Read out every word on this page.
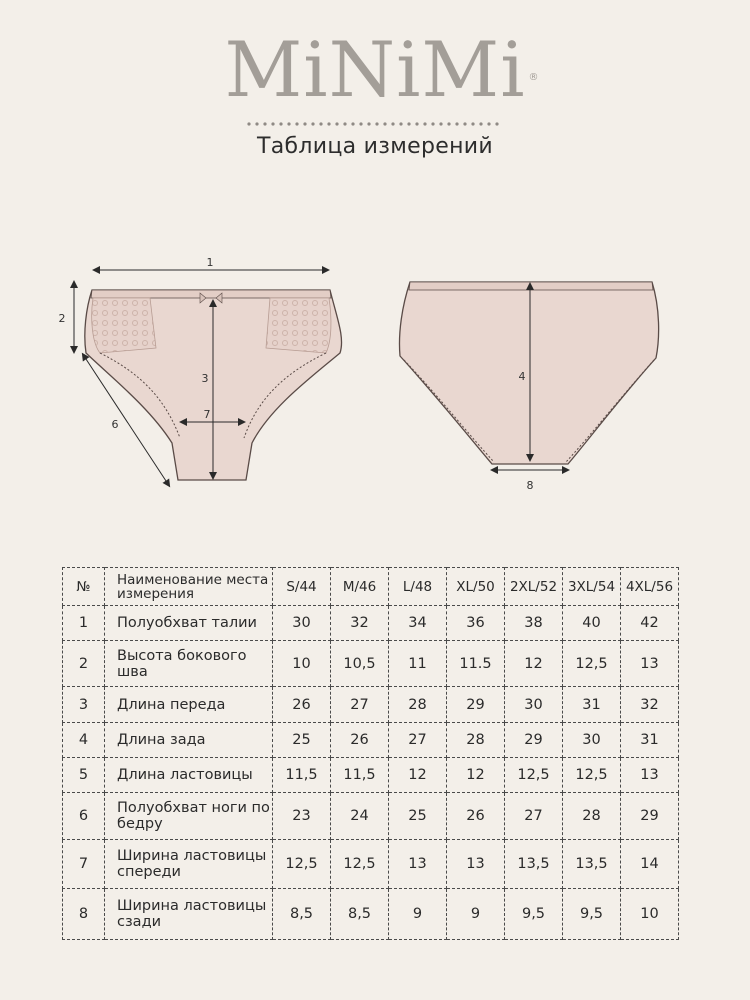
MiNiMi ®
Таблица измерений
1
2
3
7
6
4
8
№	Наименование места измерения	S/44	M/46	L/48	XL/50	2XL/52	3XL/54	4XL/56
1	Полуобхват талии	30	32	34	36	38	40	42
2	Высота бокового шва	10	10,5	11	11.5	12	12,5	13
3	Длина переда	26	27	28	29	30	31	32
4	Длина зада	25	26	27	28	29	30	31
5	Длина ластовицы	11,5	11,5	12	12	12,5	12,5	13
6	Полуобхват ноги по бедру	23	24	25	26	27	28	29
7	Ширина ластовицы спереди	12,5	12,5	13	13	13,5	13,5	14
8	Ширина ластовицы сзади	8,5	8,5	9	9	9,5	9,5	10
